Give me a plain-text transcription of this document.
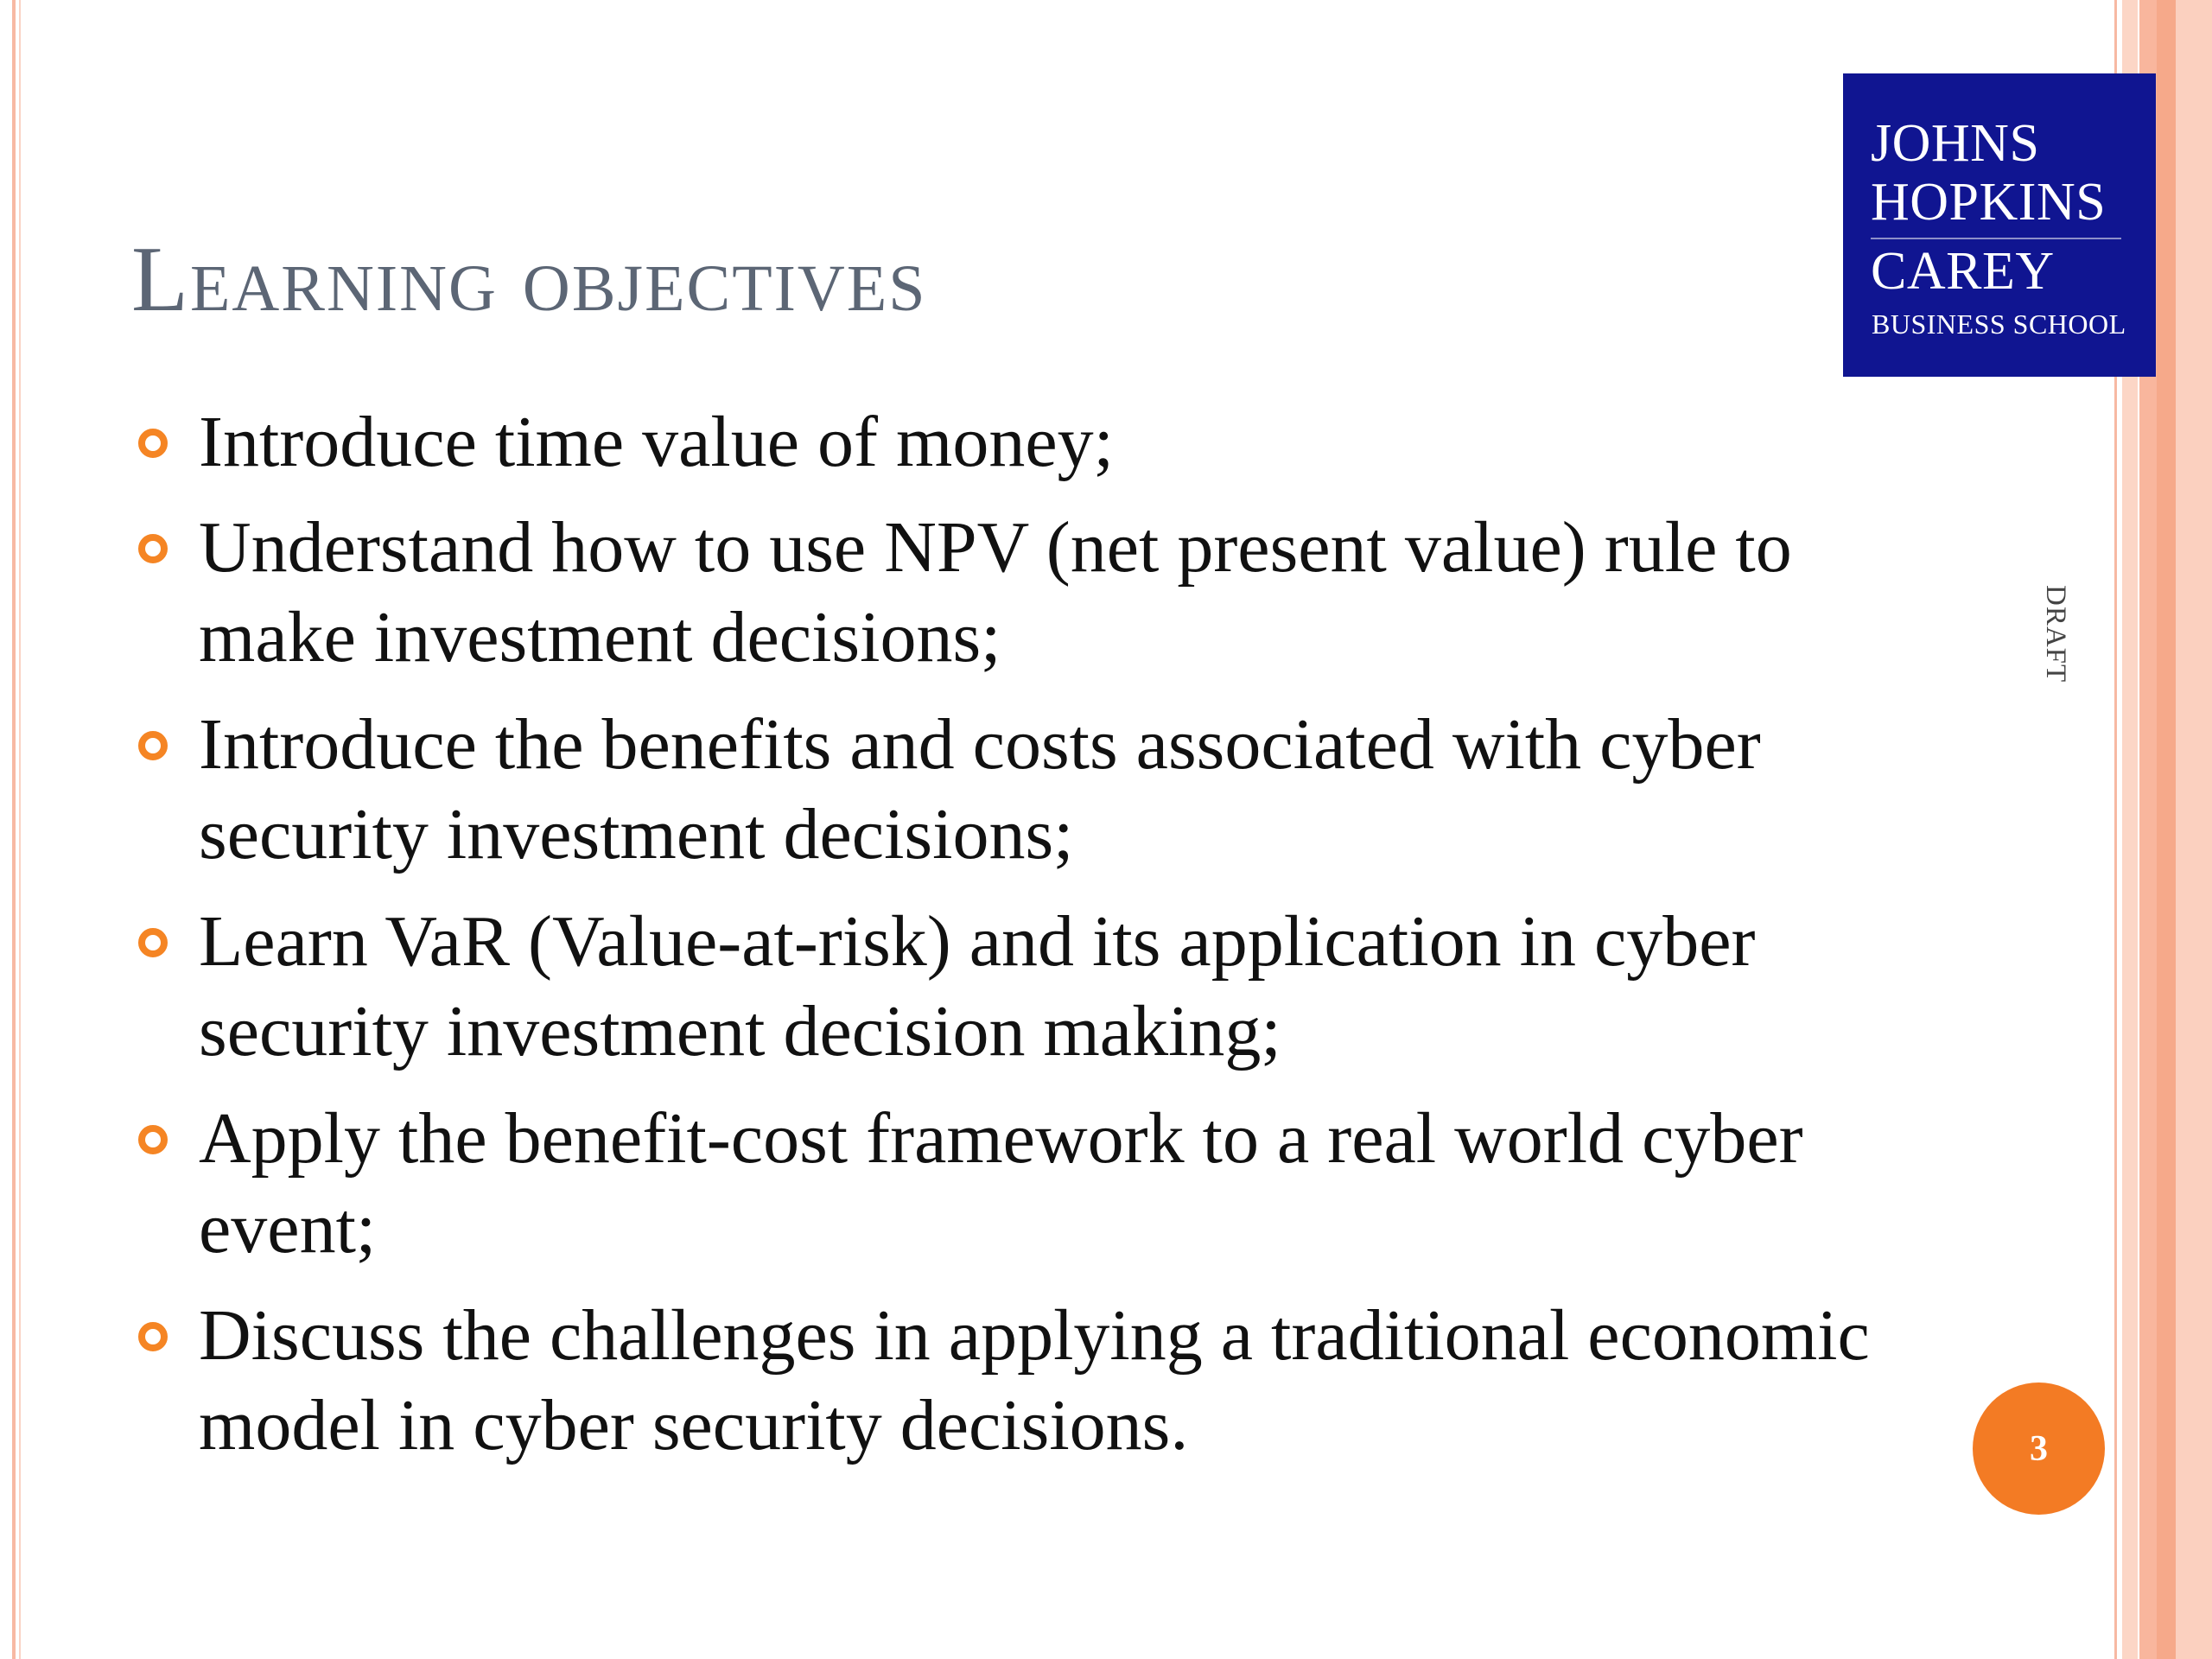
Learning objectives
JOHNS
HOPKINS
CAREY
BUSINESS SCHOOL
Introduce time value of money;
Understand how to use NPV (net present value) rule to make investment decisions;
Introduce the benefits and costs associated with cyber security investment decisions;
Learn VaR (Value-at-risk) and its application in cyber security investment decision making;
Apply the benefit-cost framework to a real world cyber event;
Discuss the challenges in applying a traditional economic model in cyber security decisions.
DRAFT
3
